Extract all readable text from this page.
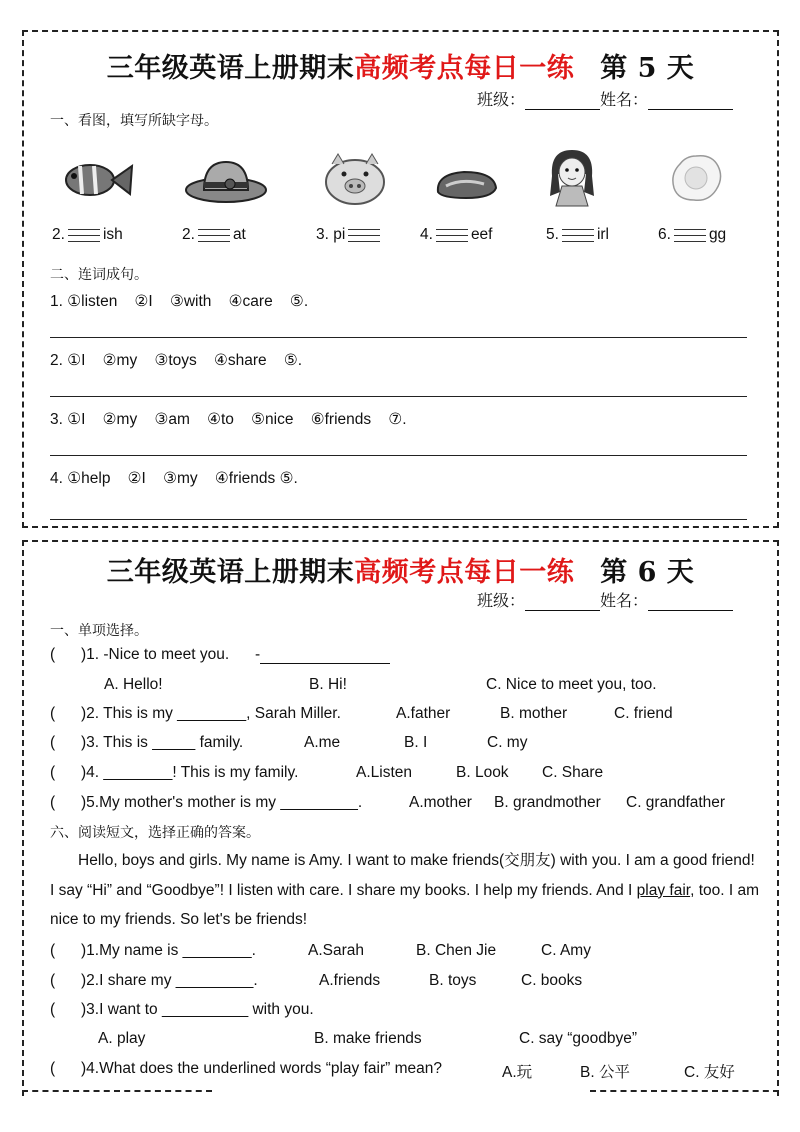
三年级英语上册期末高频考点每日一练 第 5 天
班级：	姓名：
一、看图，填写所缺字母。
2. ish	2. at	3. pi	4. eef	5. irl	6. gg
二、连词成句。
1. ①listen    ②I    ③with    ④care    ⑤.
2. ①I    ②my    ③toys    ④share    ⑤.
3. ①I    ②my    ③am    ④to    ⑤nice    ⑥friends    ⑦.
4. ①help    ②I    ③my    ④friends ⑤.
三年级英语上册期末高频考点每日一练 第 6 天
班级：	姓名：
一、单项选择。
(      )1. -Nice to meet you.      -
A. Hello!	B. Hi!	C. Nice to meet you, too.
(      )2. This is my ________, Sarah Miller.	A.father	B. mother	C. friend
(      )3. This is _____ family.	A.me	B. I	C. my
(      )4. ________! This is my family.	A.Listen	B. Look C. Share
(      )5.My mother's mother is my _________.	A.mother B. grandmother C. grandfather
六、阅读短文，选择正确的答案。
Hello, boys and girls. My name is Amy. I want to make friends(交朋友) with you. I am a good friend! I say “Hi” and “Goodbye”! I listen with care. I share my books. I help my friends. And I play fair, too. I am nice to my friends. So let's be friends!
(      )1.My name is ________.	A.Sarah	B. Chen Jie	C. Amy
(      )2.I share my _________.	A.friends	B. toys	C. books
(      )3.I want to __________ with you.
A. play	B. make friends	C. say “goodbye”
(      )4.What does the underlined words “play fair” mean?	A.玩	B. 公平	C. 友好
